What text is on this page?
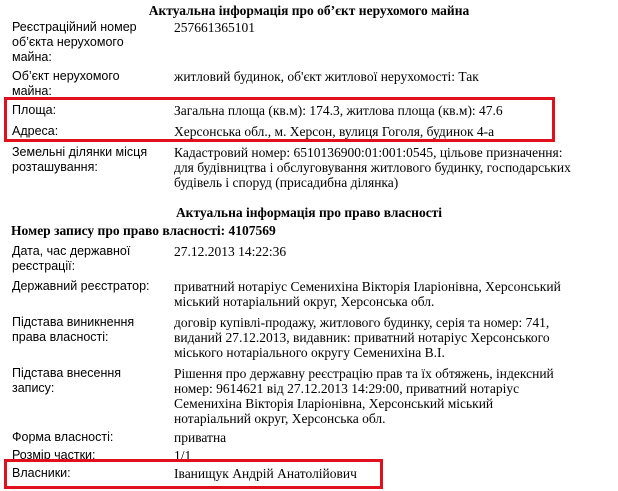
Актуальна інформація про об’єкт нерухомого майна
Реєстраційний номер
об’єкта нерухомого
майна:
257661365101
Об’єкт нерухомого
майна:
житловий будинок, об'єкт житлової нерухомості: Так
Площа:	Загальна площа (кв.м): 174.3, житлова площа (кв.м): 47.6
Адреса:	Херсонська обл., м. Херсон, вулиця Гоголя, будинок 4-а
Земельні ділянки місця
розташування:
Кадастровий номер: 6510136900:01:001:0545, цільове призначення:
для будівництва і обслуговування житлового будинку, господарських
будівель і споруд (присадибна ділянка)
Актуальна інформація про право власності
Номер запису про право власності: 4107569
Дата, час державної
реєстрації:
27.12.2013 14:22:36
Державний реєстратор: приватний нотаріус Семенихіна Вікторія Іларіонівна, Херсонський
міський нотаріальний округ, Херсонська обл.
Підстава виникнення
права власності:
договір купівлі-продажу, житлового будинку, серія та номер: 741,
виданий 27.12.2013, видавник: приватний нотаріус Херсонського
міського нотаріального округу Семенихіна В.І.
Підстава внесення
запису:
Рішення про державну реєстрацію прав та їх обтяжень, індексний
номер: 9614621 від 27.12.2013 14:29:00, приватний нотаріус
Семенихіна Вікторія Іларіонівна, Херсонський міський
нотаріальний округ, Херсонська обл.
Форма власності:	приватна
Розмір частки:	1/1
Власники:	Іванищук Андрій Анатолійович
